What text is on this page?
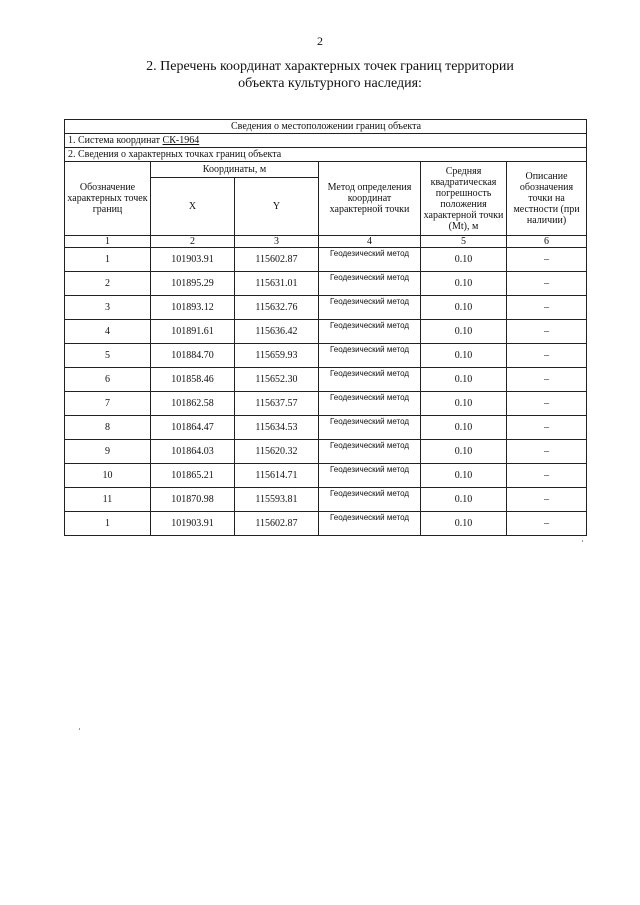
2
2. Перечень координат характерных точек границ территории
объекта культурного наследия:
Сведения о местоположении границ объекта					
1. Система координат СК-1964					
2. Сведения о характерных точках границ объекта					
Обозначение характерных точек границ	Координаты, м		Метод определения координат характерной точки	Средняя квадратическая погрешность положения характерной точки (Mt), м	Описание обозначения точки на местности (при наличии)
	X	Y			
1	2	3	4	5	6
1	101903.91	115602.87	Геодезический метод	0.10	–
2	101895.29	115631.01	Геодезический метод	0.10	–
3	101893.12	115632.76	Геодезический метод	0.10	–
4	101891.61	115636.42	Геодезический метод	0.10	–
5	101884.70	115659.93	Геодезический метод	0.10	–
6	101858.46	115652.30	Геодезический метод	0.10	–
7	101862.58	115637.57	Геодезический метод	0.10	–
8	101864.47	115634.53	Геодезический метод	0.10	–
9	101864.03	115620.32	Геодезический метод	0.10	–
10	101865.21	115614.71	Геодезический метод	0.10	–
11	101870.98	115593.81	Геодезический метод	0.10	–
1	101903.91	115602.87	Геодезический метод	0.10	–
